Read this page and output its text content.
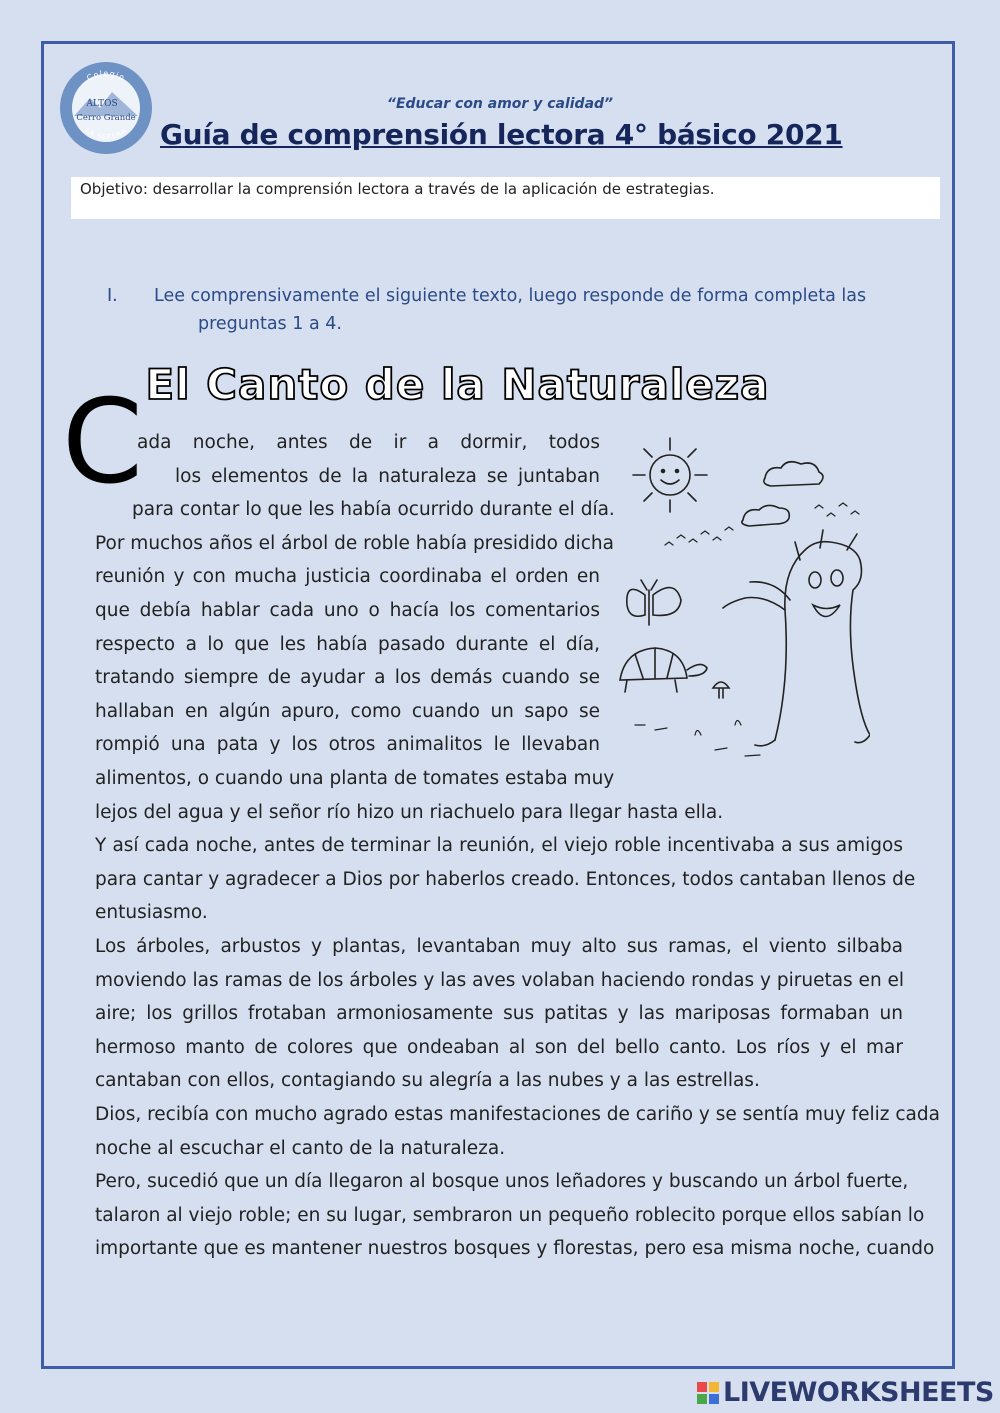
Colegio
LA SERENA
ALTOS
Cerro Grande
“Educar con amor y calidad”
Guía de comprensión lectora 4° básico 2021
Objetivo: desarrollar la comprensión lectora a través de la aplicación de estrategias.
I. Lee comprensivamente el siguiente texto, luego responde de forma completa las
preguntas 1 a 4.
El Canto de la Naturaleza
C
ada noche, antes de ir a dormir, todos
los elementos de la naturaleza se juntaban
para contar lo que les había ocurrido durante el día.
Por muchos años el árbol de roble había presidido dicha
reunión y con mucha justicia coordinaba el orden en
que debía hablar cada uno o hacía los comentarios
respecto a lo que les había pasado durante el día,
tratando siempre de ayudar a los demás cuando se
hallaban en algún apuro, como cuando un sapo se
rompió una pata y los otros animalitos le llevaban
alimentos, o cuando una planta de tomates estaba muy
lejos del agua y el señor río hizo un riachuelo para llegar hasta ella.
Y así cada noche, antes de terminar la reunión, el viejo roble incentivaba a sus amigos
para cantar y agradecer a Dios por haberlos creado. Entonces, todos cantaban llenos de
entusiasmo.
Los árboles, arbustos y plantas, levantaban muy alto sus ramas, el viento silbaba
moviendo las ramas de los árboles y las aves volaban haciendo rondas y piruetas en el
aire; los grillos frotaban armoniosamente sus patitas y las mariposas formaban un
hermoso manto de colores que ondeaban al son del bello canto. Los ríos y el mar
cantaban con ellos, contagiando su alegría a las nubes y a las estrellas.
Dios, recibía con mucho agrado estas manifestaciones de cariño y se sentía muy feliz cada
noche al escuchar el canto de la naturaleza.
Pero, sucedió que un día llegaron al bosque unos leñadores y buscando un árbol fuerte,
talaron al viejo roble; en su lugar, sembraron un pequeño roblecito porque ellos sabían lo
importante que es mantener nuestros bosques y florestas, pero esa misma noche, cuando
LIVEWORKSHEETS
